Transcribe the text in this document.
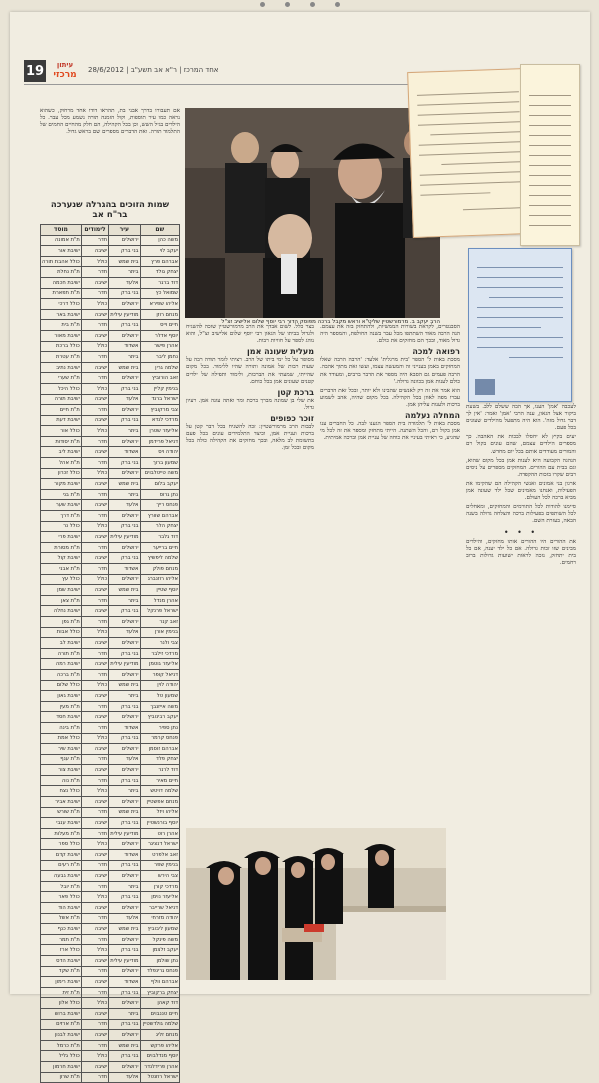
19	עיתון
מרכזי	אחד המרכז | ר"א אב תשע"ב | 28/6/2012
אם תעבורו בדרך אבני בת, תהראו דודו אחד מרחוק, כשהוא נראה כמו עיר תוספות, וקול הזמנה תורה נשמע מכל עבר. כל הילדים בגיל השש, וכן בכל הקהילה, הם חלק מהחיים החמים של התלמוד תורה. ואת הדברים מספרים שם בראש גדול.
שמות הזוכים בהגרלה שנערכה בר"ח אב
שם	עיר	לימודים	מוסד
משה כהן	ירושלים	חדר	ת"ת אמונה
יעקב לוי	בני ברק	ישיבה	ישיבת אור
אברהם פרץ	בית שמש	כולל	כולל אהבת תורה
יצחק גולד	ביתר	חדר	ת"ת נחלת
דוד ברגר	אלעד	ישיבה	ישיבת חכמה
שמואל כץ	בני ברק	חדר	ת"ת תפארת
אליהו שפירא	ירושלים	כולל	כולל דרכי
מנחם רוזן	מודיעין עילית	ישיבה	ישיבת באר
חיים וייס	בני ברק	חדר	ת"ת בית
יוסף אדלר	ירושלים	ישיבה	ישיבת מאור
אהרן פישר	אשדוד	כולל	כולל ברכת
נחמן ליבר	ביתר	חדר	ת"ת עטרת
שלמה גרין	בית שמש	ישיבה	ישיבת נתיב
זאב הורוביץ	ירושלים	חדר	ת"ת שערי
בנימין קליין	בני ברק	כולל	כולל היכל
ישראל ברנד	אלעד	ישיבה	ישיבת תורה
צבי מרקוביץ	ירושלים	חדר	ת"ת חיים
מרדכי לנדא	בני ברק	ישיבה	ישיבת דעת
אליעזר שטרן	ביתר	כולל	כולל אור
דניאל פרידמן	ירושלים	חדר	ת"ת יסודות
יהודה ויס	אשדוד	ישיבה	ישיבת ליב
שמעון ברוך	בני ברק	חדר	ת"ת אהל
משה טייטלבוים	ירושלים	כולל	כולל זכרון
יעקב בלום	בית שמש	ישיבה	ישיבת מקור
נתן גרוס	ביתר	חדר	ת"ת בני
פנחס רייך	אלעד	ישיבה	ישיבת שער
אברהם שוורץ	ירושלים	חדר	ת"ת דרך
יצחק הלר	בני ברק	כולל	כולל נר
דוד גלבר	מודיעין עילית	ישיבה	ישיבת פרי
חיים ברייער	ירושלים	חדר	ת"ת מסורת
שלמה ליפשיץ	בני ברק	ישיבה	ישיבת קול
מנחם פולק	אשדוד	חדר	ת"ת אבני
אליהו רוזנברג	ירושלים	כולל	כולל עץ
יוסף שטיין	בית שמש	ישיבה	ישיבת שמן
אהרן מנדל	ביתר	חדר	ת"ת צאן
ישראל פרנקל	בני ברק	ישיבה	ישיבת נחלה
זאב קנר	ירושלים	חדר	ת"ת גפן
בנימין אורן	אלעד	כולל	כולל אבות
צבי ולנר	ירושלים	ישיבה	ישיבת לב
מרדכי זילבר	בני ברק	חדר	ת"ת תורה
אליעזר גוטמן	מודיעין עילית	ישיבה	ישיבת רמה
דניאל קופר	ירושלים	חדר	ת"ת ברכה
יהודה לוין	בית שמש	כולל	כולל שלום
שמעון טל	ביתר	ישיבה	ישיבת גאון
משה אייזנבך	בני ברק	חדר	ת"ת מעין
יעקב רבינוביץ	ירושלים	ישיבה	ישיבת חסד
נתן ספיר	אשדוד	חדר	ת"ת בינה
פנחס קרמר	בני ברק	כולל	כולל אמת
אברהם זוסמן	ירושלים	ישיבה	ישיבת שיר
יצחק פלד	אלעד	חדר	ת"ת ענף
דוד לרנר	ירושלים	ישיבה	ישיבת צור
חיים מאיר	בני ברק	חדר	ת"ת נוה
שלמה דויטש	ביתר	כולל	כולל נצח
מנחם אפשטיין	ירושלים	ישיבה	ישיבת אביר
אליהו ויזל	בית שמש	חדר	ת"ת שורש
יוסף בורנשטיין	בני ברק	ישיבה	ישיבת ענבי
אהרן רוט	מודיעין עילית	חדר	ת"ת מעלות
ישראל דנציגר	ירושלים	כולל	כולל ספר
זאב אלפרט	אשדוד	ישיבה	ישיבת קדם
בנימין שפר	בני ברק	חדר	ת"ת רעים
צבי הירש	ירושלים	ישיבה	ישיבת גבעה
מרדכי קורן	ביתר	חדר	ת"ת יובל
אליעזר נוימן	בני ברק	כולל	כולל פאר
דניאל שרייבר	ירושלים	ישיבה	ישיבת הוד
יהודה מזרחי	אלעד	חדר	ת"ת אשל
שמעון ליבוביץ	בית שמש	ישיבה	ישיבת כנף
משה פינקל	ירושלים	חדר	ת"ת תמר
יעקב זלצמן	בני ברק	כולל	כולל ארז
נתן שולמן	מודיעין עילית	ישיבה	ישיבת הדס
פנחס גרינפלד	ירושלים	חדר	ת"ת שקד
אברהם וולף	אשדוד	ישיבה	ישיבת רימון
יצחק ברקוביץ	בני ברק	חדר	ת"ת זית
דוד קאהן	ירושלים	כולל	כולל אלון
חיים טננבוים	ביתר	ישיבה	ישיבת ברוש
שלמה גולדשטיין	בני ברק	חדר	ת"ת ארזים
מנחם זליג	ירושלים	ישיבה	ישיבת לבנון
אליהו פרקש	בית שמש	חדר	ת"ת כרמל
יוסף מנדלבוים	בני ברק	כולל	כולל גליל
אהרן פרידלנדר	ירושלים	ישיבה	ישיבת חרמון
ישראל רוזנטל	אלעד	חדר	ת"ת שרון
הרב יעקב ב. מרמורשטיין שליט"א וראש מקבל ברכה מפוסק הדור רבי יוסף שלום אלישיב זצ"ל

בצר כלל. לשום אבדך את הרב מרמורשטיין שזכה להשגיח ולגדול בביתו של הגאון רבי יוסף שלום אלישיב זצ"ל, והוא נוהג לספר על חוויות רבות.

מעלית שעונה אמן

מסופר על כל ימי ביתו של הרב. רציתי לומר תודה רבה על שעות רבות של אמונה ותורה שהיו ללימוד. בכל מקום שהייתי, שמעתי את הברכות, ולימוד ותפילה של ילדים קטנים שעונים אמן בכל כוחם.

ברכת קטן

את שלי בן שמונה מברך ברכת ומר ואתה עונה אמן. רעיון גדול.

זוכר כפופים

לבבות הרב מרמורשטיין: זכה להשגיח בכל דבר קטן על ברכות ועניית אמן, וכיצד התלמידים עונים בכל פעם בתשומת לב מלאה, ובכך מחזקים את הקהילה כולה בכל מקום ובכל זמן.

הסבנטרים, לקראת בשורות הממשיות, ולהתחזק בזה את עצמם. הנה הרבה מאוד השתתפו מכל עבר בשנה החולפת, והמספר היה גדול מאוד, ובכך הם מחזקים את כולם.

רפואה למכה

מסכת באות ל' הספר 'בית מרגלית' אלעד: 'הרבה הרבה שאלו המחזקים באמן בענייני זה והמעשה עצמו, ועשו זאת מתוך אהבה. הרבה פעמים גם הסבא היה מספר את הדבר ברבים, ומעודד את כולם לענות אמן בכוונה גדולה.'

הוא אמר את זה רק לאנשים שהבינו ולא יותר, ובכל זאת הדברים עברו מפה לאוזן בכל הקהילה. בכל מקום שהיה, אהב לשמוע ברכות ולענות עליהן אמן.

המחלה נעלמה

מסכת באות ל' תלמודה בית הספר הגענו לבה. כל החברים ענו אמן בקול רם, והכל השתנה. הייתי מתחזק ומספר את זה לכל מי שהגיע, כי ראיתי בעיניי את כוחה של עניית אמן וברכה אמיתית.

לעכבה 'אמן' הענו, אך הבה ששלם ללב. בשעת ביקור אצל הגאון, ענה הרבי 'אמן' ואמר: 'אין לך דבר גדול מזה'. הוא היה מתפעל מהילדים שעונים בכל פעם.

יעים בקיץ לא יחסלו לבכות את האהבה. כך מספרים הילדים עצמם, שהם עונים בקול רם והמורים מעודדים אותם בכל יום מחדש.

הנהגה הקבועה היא לענות אמן בכל מקום שהוא, וגם בבית עם ההורים. המחזקים מספרים על ניסים רבים שקרו בזכות ההקפדה.

ארגון בני אמונים ואנשי הקהילה הם שהקימו את הפעילות, ואנחנו מאמינים שכל ילד שעונה אמן מביא ברכה לכל העולם.

סיימנו להודות לכל התורמים והמחזקים, ומאחלים לכל השותפים בפעילות ברכה והצלחה גדולה בשנה הבאה, בעזרת השם.

• • •

את ההורים היו ההורים אותו מחזקים, והילדים מבינים שזו זכות גדולה. אם כל ילד יענה, אם כל בית יתחזק, נזכה לראות ישועות גדולות ברוב רחמים.
